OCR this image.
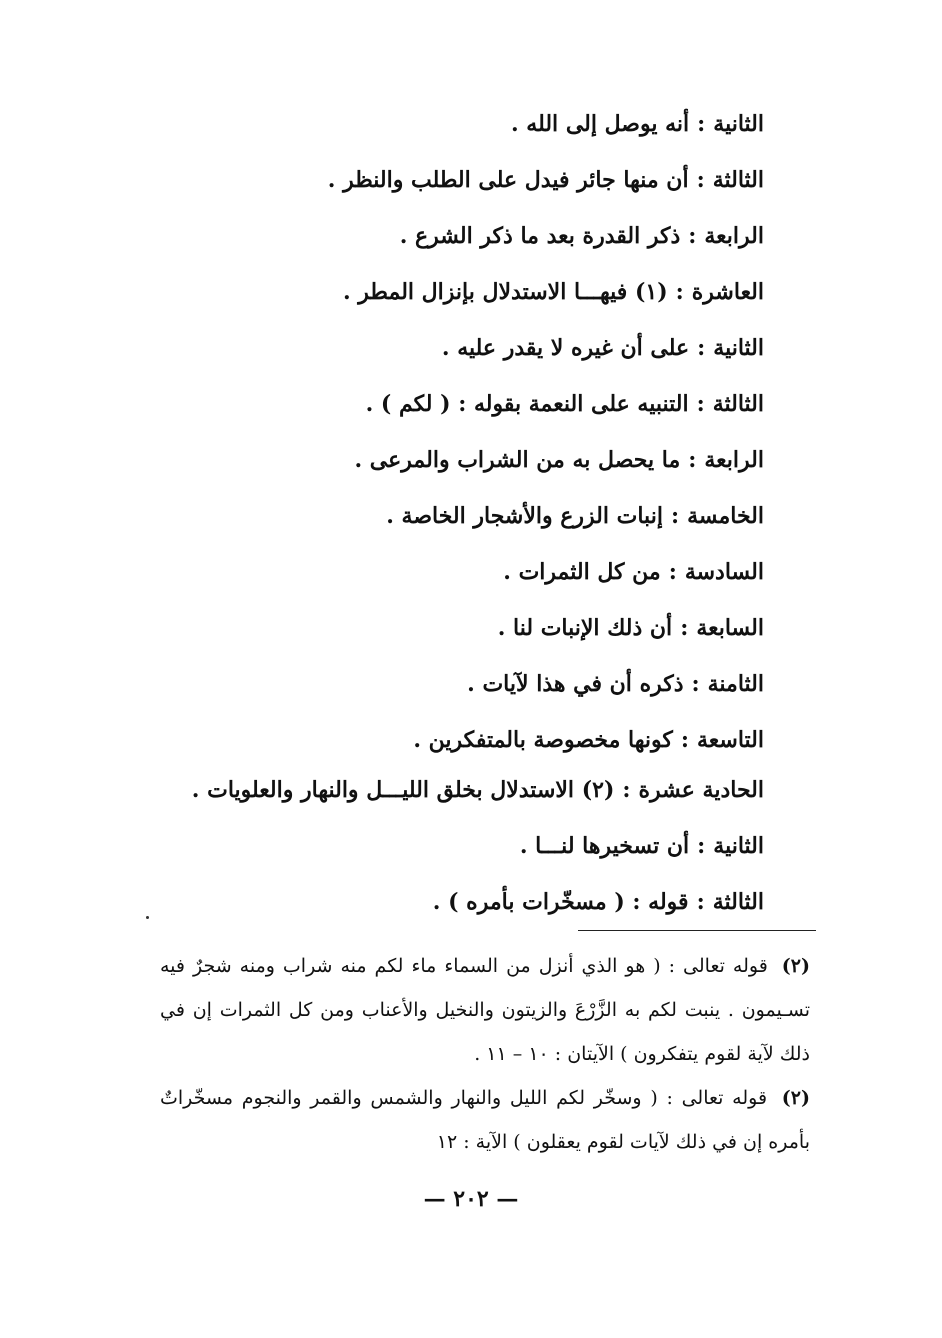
الثانية:أنه يوصل إلى الله .
الثالثة:أن منها جائر فيدل على الطلب والنظر .
الرابعة:ذكر القدرة بعد ما ذكر الشرع .
العاشرة:(١) فيهـــا الاستدلال بإنزال المطر .
الثانية:على أن غيره لا يقدر عليه .
الثالثة:التنبيه على النعمة بقوله : ( لكم ) .
الرابعة:ما يحصل به من الشراب والمرعى .
الخامسة:إنبات الزرع والأشجار الخاصة .
السادسة:من كل الثمرات .
السابعة:أن ذلك الإنبات لنا .
الثامنة:ذكره أن في هذا لآيات .
التاسعة:كونها مخصوصة بالمتفكرين .
الحادية عشرة:(٢) الاستدلال بخلق الليـــل والنهار والعلويات .
الثانية:أن تسخيرها لنـــا .
الثالثة:قوله : ( مسخّرات بأمره ) .

(٢) قوله تعالى : ( هو الذي أنزل من السماء ماء لكم منه شراب ومنه شجرٌ فيه تسـيمون . ينبت لكم به الزَّرْعَ والزيتون والنخيل والأعناب ومن كل الثمرات إن في ذلك لآية لقوم يتفكرون ) الآيتان : ١٠ – ١١ .

(٢) قوله تعالى : ( وسخّر لكم الليل والنهار والشمس والقمر والنجوم مسخّراتٌ بأمره إن في ذلك لآيات لقوم يعقلون ) الآية : ١٢

— ٢٠٢ —
